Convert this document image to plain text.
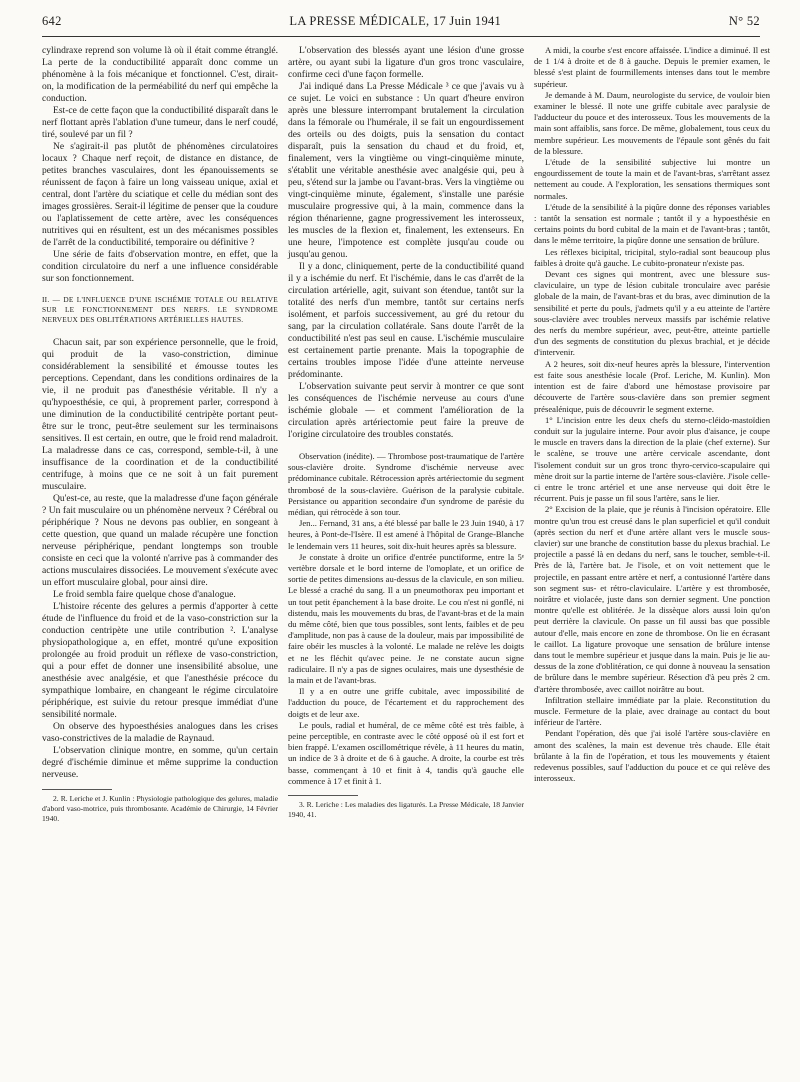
642	LA PRESSE MÉDICALE, 17 Juin 1941	N° 52

cylindraxe reprend son volume là où il était comme étranglé. La perte de la conductibilité apparaît donc comme un phénomène à la fois mécanique et fonctionnel. C'est, dirait-on, la modification de la perméabilité du nerf qui empêche la conduction.

Est-ce de cette façon que la conductibilité disparaît dans le nerf flottant après l'ablation d'une tumeur, dans le nerf coudé, tiré, soulevé par un fil ?

Ne s'agirait-il pas plutôt de phénomènes circulatoires locaux ? Chaque nerf reçoit, de distance en distance, de petites branches vasculaires, dont les épanouissements se réunissent de façon à faire un long vaisseau unique, axial et central, dont l'artère du sciatique et celle du médian sont des images grossières. Serait-il légitime de penser que la coudure ou l'aplatissement de cette artère, avec les conséquences nutritives qui en résultent, est un des mécanismes possibles de l'arrêt de la conductibilité, temporaire ou définitive ?

Une série de faits d'observation montre, en effet, que la condition circulatoire du nerf a une influence considérable sur son fonctionnement.

II. — DE L'INFLUENCE D'UNE ISCHÉMIE TOTALE OU RELATIVE SUR LE FONCTIONNEMENT DES NERFS. LE SYNDROME NERVEUX DES OBLITÉRATIONS ARTÉRIELLES HAUTES.

Chacun sait, par son expérience personnelle, que le froid, qui produit de la vaso-constriction, diminue considérablement la sensibilité et émousse toutes les perceptions. Cependant, dans les conditions ordinaires de la vie, il ne produit pas d'anesthésie véritable. Il n'y a qu'hypoesthésie, ce qui, à proprement parler, correspond à une diminution de la conductibilité centripète portant peut-être sur le tronc, peut-être seulement sur les terminaisons sensitives. Il est certain, en outre, que le froid rend maladroit. La maladresse dans ce cas, correspond, semble-t-il, à une insuffisance de la coordination et de la conductibilité centrifuge, à moins que ce ne soit à un fait purement musculaire.

Qu'est-ce, au reste, que la maladresse d'une façon générale ? Un fait musculaire ou un phénomène nerveux ? Cérébral ou périphérique ? Nous ne devons pas oublier, en songeant à cette question, que quand un malade récupère une fonction nerveuse périphérique, pendant longtemps son trouble consiste en ceci que la volonté n'arrive pas à commander des actions musculaires dissociées. Le mouvement s'exécute avec un effort musculaire global, pour ainsi dire.

Le froid sembla faire quelque chose d'analogue.

L'histoire récente des gelures a permis d'apporter à cette étude de l'influence du froid et de la vaso-constriction sur la conduction centripète une utile contribution ². L'analyse physiopathologique a, en effet, montré qu'une exposition prolongée au froid produit un réflexe de vaso-constriction, qui a pour effet de donner une insensibilité absolue, une anesthésie avec analgésie, et que l'anesthésie précoce du sympathique lombaire, en changeant le régime circulatoire périphérique, est suivie du retour presque immédiat d'une sensibilité normale.

On observe des hypoesthésies analogues dans les crises vaso-constrictives de la maladie de Raynaud.

L'observation clinique montre, en somme, qu'un certain degré d'ischémie diminue et même supprime la conduction nerveuse.

2. R. Leriche et J. Kunlin : Physiologie pathologique des gelures, maladie d'abord vaso-motrice, puis thrombosante. Académie de Chirurgie, 14 Février 1940.

L'observation des blessés ayant une lésion d'une grosse artère, ou ayant subi la ligature d'un gros tronc vasculaire, confirme ceci d'une façon formelle.

J'ai indiqué dans La Presse Médicale ³ ce que j'avais vu à ce sujet. Le voici en substance : Un quart d'heure environ après une blessure interrompant brutalement la circulation dans la fémorale ou l'humérale, il se fait un engourdissement des orteils ou des doigts, puis la sensation du contact disparaît, puis la sensation du chaud et du froid, et, finalement, vers la vingtième ou vingt-cinquième minute, s'établit une véritable anesthésie avec analgésie qui, peu à peu, s'étend sur la jambe ou l'avant-bras. Vers la vingtième ou vingt-cinquième minute, également, s'installe une parésie musculaire progressive qui, à la main, commence dans la région thénarienne, gagne progressivement les interosseux, les muscles de la flexion et, finalement, les extenseurs. En une heure, l'impotence est complète jusqu'au coude ou jusqu'au genou.

Il y a donc, cliniquement, perte de la conductibilité quand il y a ischémie du nerf. Et l'ischémie, dans le cas d'arrêt de la circulation artérielle, agit, suivant son étendue, tantôt sur la totalité des nerfs d'un membre, tantôt sur certains nerfs isolément, et parfois successivement, au gré du retour du sang, par la circulation collatérale. Sans doute l'arrêt de la conductibilité n'est pas seul en cause. L'ischémie musculaire est certainement partie prenante. Mais la topographie de certains troubles impose l'idée d'une atteinte nerveuse prédominante.

L'observation suivante peut servir à montrer ce que sont les conséquences de l'ischémie nerveuse au cours d'une ischémie globale — et comment l'amélioration de la circulation après artériectomie peut faire la preuve de l'origine circulatoire des troubles constatés.

Observation (inédite). — Thrombose post-traumatique de l'artère sous-clavière droite. Syndrome d'ischémie nerveuse avec prédominance cubitale. Rétrocession après artériectomie du segment thrombosé de la sous-clavière. Guérison de la paralysie cubitale. Persistance ou apparition secondaire d'un syndrome de parésie du médian, qui rétrocède à son tour.

Jen... Fernand, 31 ans, a été blessé par balle le 23 Juin 1940, à 17 heures, à Pont-de-l'Isère. Il est amené à l'hôpital de Grange-Blanche le lendemain vers 11 heures, soit dix-huit heures après sa blessure.

Je constate à droite un orifice d'entrée punctiforme, entre la 5ᵉ vertèbre dorsale et le bord interne de l'omoplate, et un orifice de sortie de petites dimensions au-dessus de la clavicule, en son milieu. Le blessé a craché du sang. Il a un pneumothorax peu important et un tout petit épanchement à la base droite. Le cou n'est ni gonflé, ni distendu, mais les mouvements du bras, de l'avant-bras et de la main du même côté, bien que tous possibles, sont lents, faibles et de peu d'amplitude, non pas à cause de la douleur, mais par impossibilité de faire obéir les muscles à la volonté. Le malade ne relève les doigts et ne les fléchit qu'avec peine. Je ne constate aucun signe radiculaire. Il n'y a pas de signes oculaires, mais une dysesthésie de la main et de l'avant-bras.

Il y a en outre une griffe cubitale, avec impossibilité de l'adduction du pouce, de l'écartement et du rapprochement des doigts et de leur axe.

Le pouls, radial et huméral, de ce même côté est très faible, à peine perceptible, en contraste avec le côté opposé où il est fort et bien frappé. L'examen oscillométrique révèle, à 11 heures du matin, un indice de 3 à droite et de 6 à gauche. A droite, la courbe est très basse, commençant à 10 et finit à 4, tandis qu'à gauche elle commence à 17 et finit à 1.

3. R. Leriche : Les maladies des ligaturés. La Presse Médicale, 18 Janvier 1940, 41.

A midi, la courbe s'est encore affaissée. L'indice a diminué. Il est de 1 1/4 à droite et de 8 à gauche. Depuis le premier examen, le blessé s'est plaint de fourmillements intenses dans tout le membre supérieur.

Je demande à M. Daum, neurologiste du service, de vouloir bien examiner le blessé. Il note une griffe cubitale avec paralysie de l'adducteur du pouce et des interosseux. Tous les mouvements de la main sont affaiblis, sans force. De même, globalement, tous ceux du membre supérieur. Les mouvements de l'épaule sont gênés du fait de la blessure.

L'étude de la sensibilité subjective lui montre un engourdissement de toute la main et de l'avant-bras, s'arrêtant assez nettement au coude. A l'exploration, les sensations thermiques sont normales.

L'étude de la sensibilité à la piqûre donne des réponses variables : tantôt la sensation est normale ; tantôt il y a hypoesthésie en certains points du bord cubital de la main et de l'avant-bras ; tantôt, dans le même territoire, la piqûre donne une sensation de brûlure.

Les réflexes bicipital, tricipital, stylo-radial sont beaucoup plus faibles à droite qu'à gauche. Le cubito-pronateur n'existe pas.

Devant ces signes qui montrent, avec une blessure sus-claviculaire, un type de lésion cubitale tronculaire avec parésie globale de la main, de l'avant-bras et du bras, avec diminution de la sensibilité et perte du pouls, j'admets qu'il y a eu atteinte de l'artère sous-clavière avec troubles nerveux massifs par ischémie relative des nerfs du membre supérieur, avec, peut-être, atteinte partielle d'un des segments de constitution du plexus brachial, et je décide d'intervenir.

A 2 heures, soit dix-neuf heures après la blessure, l'intervention est faite sous anesthésie locale (Prof. Leriche, M. Kunlin). Mon intention est de faire d'abord une hémostase provisoire par découverte de l'artère sous-clavière dans son premier segment présealénique, puis de découvrir le segment externe.

1° L'incision entre les deux chefs du sterno-cléido-mastoïdien conduit sur la jugulaire interne. Pour avoir plus d'aisance, je coupe le muscle en travers dans la direction de la plaie (chef externe). Sur le scalène, se trouve une artère cervicale ascendante, dont l'isolement conduit sur un gros tronc thyro-cervico-scapulaire qui mène droit sur la partie interne de l'artère sous-clavière. J'isole celle-ci entre le tronc artériel et une anse nerveuse qui doit être le récurrent. Puis je passe un fil sous l'artère, sans le lier.

2° Excision de la plaie, que je réunis à l'incision opératoire. Elle montre qu'un trou est creusé dans le plan superficiel et qu'il conduit (après section du nerf et d'une artère allant vers le muscle sous-clavier) sur une branche de constitution basse du plexus brachial. Le projectile a passé là en dedans du nerf, sans le toucher, semble-t-il. Près de là, l'artère bat. Je l'isole, et on voit nettement que le projectile, en passant entre artère et nerf, a contusionné l'artère dans son segment sus- et rétro-claviculaire. L'artère y est thrombosée, noirâtre et violacée, juste dans son dernier segment. Une ponction montre qu'elle est oblitérée. Je la dissèque alors aussi loin qu'on peut derrière la clavicule. On passe un fil aussi bas que possible autour d'elle, mais encore en zone de thrombose. On lie en écrasant le caillot. La ligature provoque une sensation de brûlure intense dans tout le membre supérieur et jusque dans la main. Puis je lie au-dessus de la zone d'oblitération, ce qui donne à nouveau la sensation de brûlure dans le membre supérieur. Résection d'à peu près 2 cm. d'artère thrombosée, avec caillot noirâtre au bout.

Infiltration stellaire immédiate par la plaie. Reconstitution du muscle. Fermeture de la plaie, avec drainage au contact du bout inférieur de l'artère.

Pendant l'opération, dès que j'ai isolé l'artère sous-clavière en amont des scalènes, la main est devenue très chaude. Elle était brûlante à la fin de l'opération, et tous les mouvements y étaient redevenus possibles, sauf l'adduction du pouce et ce qui relève des interosseux.
